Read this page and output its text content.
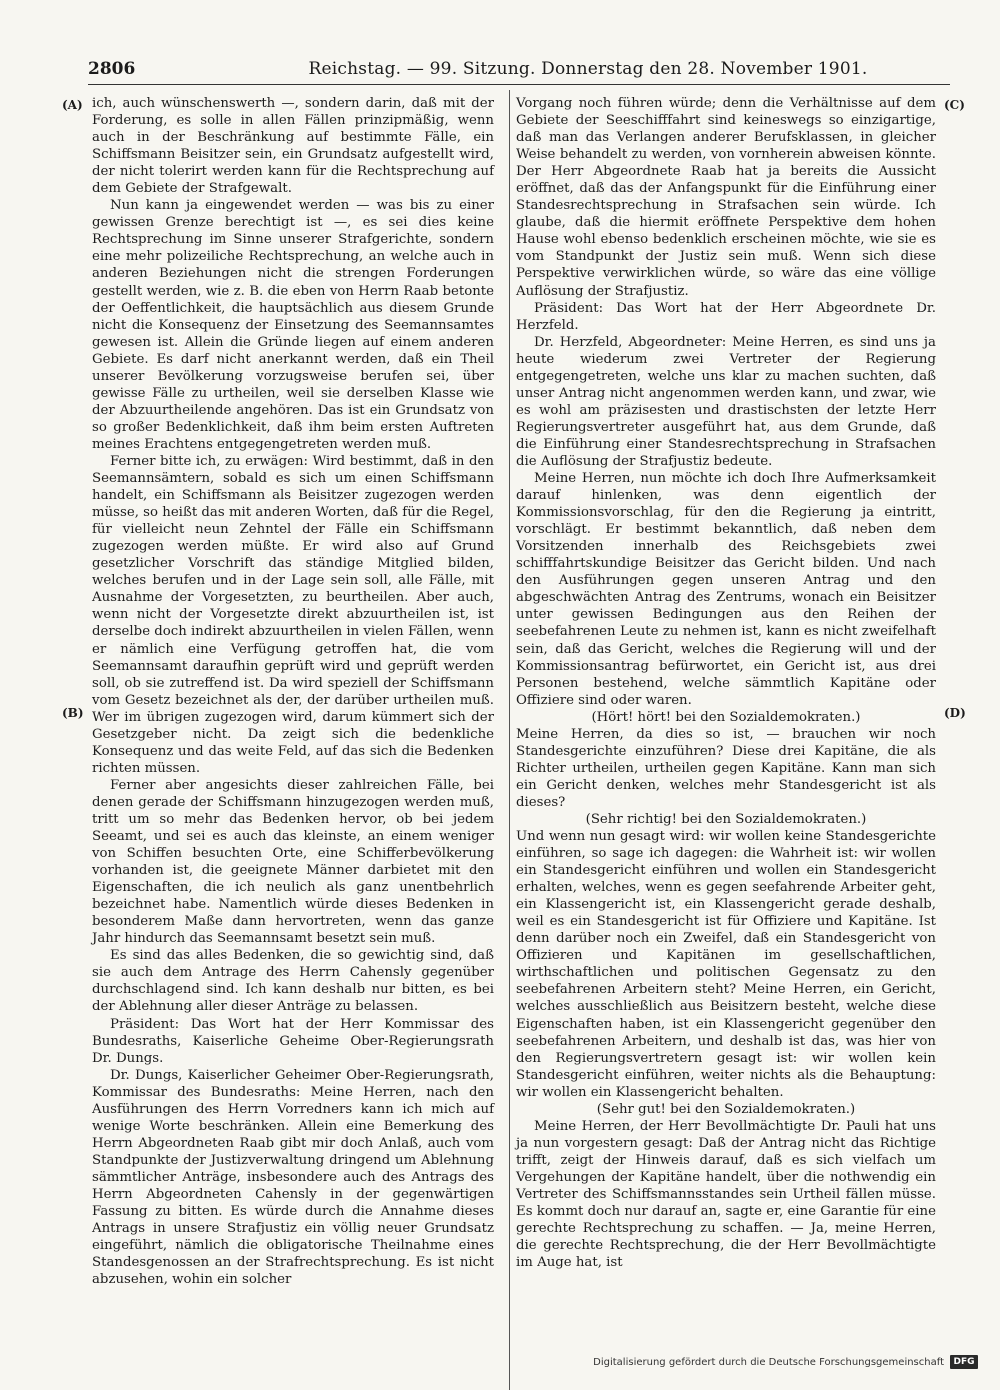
2806	Reichstag. — 99. Sitzung. Donnerstag den 28. November 1901.
(A)
(B)
(C)
(D)

ich, auch wünschenswerth —, sondern darin, daß mit der Forderung, es solle in allen Fällen prinzipmäßig, wenn auch in der Beschränkung auf bestimmte Fälle, ein Schiffsmann Beisitzer sein, ein Grundsatz aufgestellt wird, der nicht tolerirt werden kann für die Rechtsprechung auf dem Gebiete der Strafgewalt.

Nun kann ja eingewendet werden — was bis zu einer gewissen Grenze berechtigt ist —, es sei dies keine Rechtsprechung im Sinne unserer Strafgerichte, sondern eine mehr polizeiliche Rechtsprechung, an welche auch in anderen Beziehungen nicht die strengen Forderungen gestellt werden, wie z. B. die eben von Herrn Raab betonte der Oeffentlichkeit, die hauptsächlich aus diesem Grunde nicht die Konsequenz der Einsetzung des Seemannsamtes gewesen ist. Allein die Gründe liegen auf einem anderen Gebiete. Es darf nicht anerkannt werden, daß ein Theil unserer Bevölkerung vorzugsweise berufen sei, über gewisse Fälle zu urtheilen, weil sie derselben Klasse wie der Abzuurtheilende angehören. Das ist ein Grundsatz von so großer Bedenklichkeit, daß ihm beim ersten Auftreten meines Erachtens entgegengetreten werden muß.

Ferner bitte ich, zu erwägen: Wird bestimmt, daß in den Seemannsämtern, sobald es sich um einen Schiffsmann handelt, ein Schiffsmann als Beisitzer zugezogen werden müsse, so heißt das mit anderen Worten, daß für die Regel, für vielleicht neun Zehntel der Fälle ein Schiffsmann zugezogen werden müßte. Er wird also auf Grund gesetzlicher Vorschrift das ständige Mitglied bilden, welches berufen und in der Lage sein soll, alle Fälle, mit Ausnahme der Vorgesetzten, zu beurtheilen. Aber auch, wenn nicht der Vorgesetzte direkt abzuurtheilen ist, ist derselbe doch indirekt abzuurtheilen in vielen Fällen, wenn er nämlich eine Verfügung getroffen hat, die vom Seemannsamt daraufhin geprüft wird und geprüft werden soll, ob sie zutreffend ist. Da wird speziell der Schiffsmann vom Gesetz bezeichnet als der, der darüber urtheilen muß. Wer im übrigen zugezogen wird, darum kümmert sich der Gesetzgeber nicht. Da zeigt sich die bedenkliche Konsequenz und das weite Feld, auf das sich die Bedenken richten müssen.

Ferner aber angesichts dieser zahlreichen Fälle, bei denen gerade der Schiffsmann hinzugezogen werden muß, tritt um so mehr das Bedenken hervor, ob bei jedem Seeamt, und sei es auch das kleinste, an einem weniger von Schiffen besuchten Orte, eine Schifferbevölkerung vorhanden ist, die geeignete Männer darbietet mit den Eigenschaften, die ich neulich als ganz unentbehrlich bezeichnet habe. Namentlich würde dieses Bedenken in besonderem Maße dann hervortreten, wenn das ganze Jahr hindurch das Seemannsamt besetzt sein muß.

Es sind das alles Bedenken, die so gewichtig sind, daß sie auch dem Antrage des Herrn Cahensly gegenüber durchschlagend sind. Ich kann deshalb nur bitten, es bei der Ablehnung aller dieser Anträge zu belassen.

Präsident: Das Wort hat der Herr Kommissar des Bundesraths, Kaiserliche Geheime Ober-Regierungsrath Dr. Dungs.

Dr. Dungs, Kaiserlicher Geheimer Ober-Regierungsrath, Kommissar des Bundesraths: Meine Herren, nach den Ausführungen des Herrn Vorredners kann ich mich auf wenige Worte beschränken. Allein eine Bemerkung des Herrn Abgeordneten Raab gibt mir doch Anlaß, auch vom Standpunkte der Justizverwaltung dringend um Ablehnung sämmtlicher Anträge, insbesondere auch des Antrags des Herrn Abgeordneten Cahensly in der gegenwärtigen Fassung zu bitten. Es würde durch die Annahme dieses Antrags in unsere Strafjustiz ein völlig neuer Grundsatz eingeführt, nämlich die obligatorische Theilnahme eines Standesgenossen an der Strafrechtsprechung. Es ist nicht abzusehen, wohin ein solcher

Vorgang noch führen würde; denn die Verhältnisse auf dem Gebiete der Seeschifffahrt sind keineswegs so einzigartige, daß man das Verlangen anderer Berufsklassen, in gleicher Weise behandelt zu werden, von vornherein abweisen könnte. Der Herr Abgeordnete Raab hat ja bereits die Aussicht eröffnet, daß das der Anfangspunkt für die Einführung einer Standesrechtsprechung in Strafsachen sein würde. Ich glaube, daß die hiermit eröffnete Perspektive dem hohen Hause wohl ebenso bedenklich erscheinen möchte, wie sie es vom Standpunkt der Justiz sein muß. Wenn sich diese Perspektive verwirklichen würde, so wäre das eine völlige Auflösung der Strafjustiz.

Präsident: Das Wort hat der Herr Abgeordnete Dr. Herzfeld.

Dr. Herzfeld, Abgeordneter: Meine Herren, es sind uns ja heute wiederum zwei Vertreter der Regierung entgegengetreten, welche uns klar zu machen suchten, daß unser Antrag nicht angenommen werden kann, und zwar, wie es wohl am präzisesten und drastischsten der letzte Herr Regierungsvertreter ausgeführt hat, aus dem Grunde, daß die Einführung einer Standesrechtsprechung in Strafsachen die Auflösung der Strafjustiz bedeute.

Meine Herren, nun möchte ich doch Ihre Aufmerksamkeit darauf hinlenken, was denn eigentlich der Kommissionsvorschlag, für den die Regierung ja eintritt, vorschlägt. Er bestimmt bekanntlich, daß neben dem Vorsitzenden innerhalb des Reichsgebiets zwei schifffahrtskundige Beisitzer das Gericht bilden. Und nach den Ausführungen gegen unseren Antrag und den abgeschwächten Antrag des Zentrums, wonach ein Beisitzer unter gewissen Bedingungen aus den Reihen der seebefahrenen Leute zu nehmen ist, kann es nicht zweifelhaft sein, daß das Gericht, welches die Regierung will und der Kommissionsantrag befürwortet, ein Gericht ist, aus drei Personen bestehend, welche sämmtlich Kapitäne oder Offiziere sind oder waren.

(Hört! hört! bei den Sozialdemokraten.)

Meine Herren, da dies so ist, — brauchen wir noch Standesgerichte einzuführen? Diese drei Kapitäne, die als Richter urtheilen, urtheilen gegen Kapitäne. Kann man sich ein Gericht denken, welches mehr Standesgericht ist als dieses?

(Sehr richtig! bei den Sozialdemokraten.)

Und wenn nun gesagt wird: wir wollen keine Standesgerichte einführen, so sage ich dagegen: die Wahrheit ist: wir wollen ein Standesgericht einführen und wollen ein Standesgericht erhalten, welches, wenn es gegen seefahrende Arbeiter geht, ein Klassengericht ist, ein Klassengericht gerade deshalb, weil es ein Standesgericht ist für Offiziere und Kapitäne. Ist denn darüber noch ein Zweifel, daß ein Standesgericht von Offizieren und Kapitänen im gesellschaftlichen, wirthschaftlichen und politischen Gegensatz zu den seebefahrenen Arbeitern steht? Meine Herren, ein Gericht, welches ausschließlich aus Beisitzern besteht, welche diese Eigenschaften haben, ist ein Klassengericht gegenüber den seebefahrenen Arbeitern, und deshalb ist das, was hier von den Regierungsvertretern gesagt ist: wir wollen kein Standesgericht einführen, weiter nichts als die Behauptung: wir wollen ein Klassengericht behalten.

(Sehr gut! bei den Sozialdemokraten.)

Meine Herren, der Herr Bevollmächtigte Dr. Pauli hat uns ja nun vorgestern gesagt: Daß der Antrag nicht das Richtige trifft, zeigt der Hinweis darauf, daß es sich vielfach um Vergehungen der Kapitäne handelt, über die nothwendig ein Vertreter des Schiffsmannsstandes sein Urtheil fällen müsse. Es kommt doch nur darauf an, sagte er, eine Garantie für eine gerechte Rechtsprechung zu schaffen. — Ja, meine Herren, die gerechte Rechtsprechung, die der Herr Bevollmächtigte im Auge hat, ist

Digitalisierung gefördert durch die Deutsche Forschungsgemeinschaft	DFG
